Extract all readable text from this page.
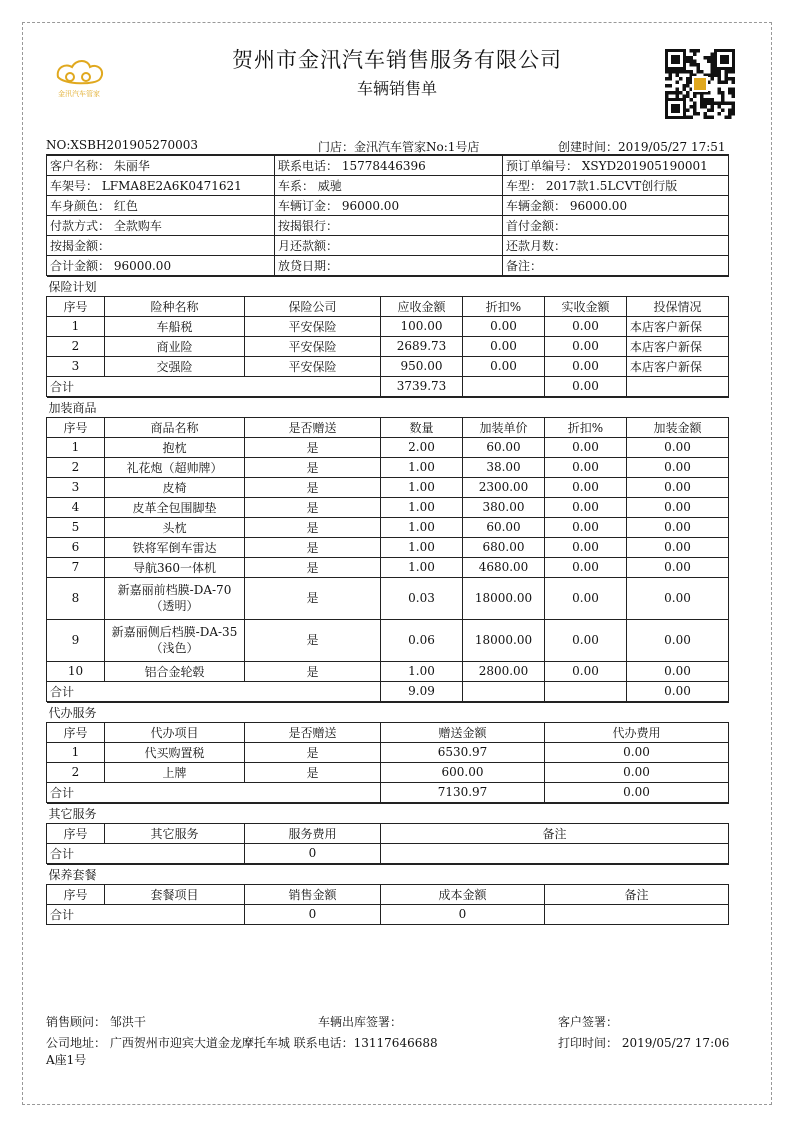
金汛汽车管家
贺州市金汛汽车销售服务有限公司
车辆销售单
NO:XSBH201905270003	门店：金汛汽车管家No:1号店	创建时间：2019/05/27 17:51
客户名称： 朱丽华	联系电话： 15778446396	预订单编号： XSYD201905190001
车架号： LFMA8E2A6K0471621	车系： 威驰	车型： 2017款1.5LCVT创行版
车身颜色： 红色	车辆订金： 96000.00	车辆金额： 96000.00
付款方式： 全款购车	按揭银行：	首付金额：
按揭金额：	月还款额：	还款月数：
合计金额： 96000.00	放贷日期：	备注：
保险计划						
序号	险种名称	保险公司	应收金额	折扣%	实收金额	投保情况
1	车船税	平安保险	100.00	0.00	0.00	本店客户新保
2	商业险	平安保险	2689.73	0.00	0.00	本店客户新保
3	交强险	平安保险	950.00	0.00	0.00	本店客户新保
合计			3739.73		0.00	
加装商品						
序号	商品名称	是否赠送	数量	加装单价	折扣%	加装金额
1	抱枕	是	2.00	60.00	0.00	0.00
2	礼花炮（超帅牌）	是	1.00	38.00	0.00	0.00
3	皮椅	是	1.00	2300.00	0.00	0.00
4	皮革全包围脚垫	是	1.00	380.00	0.00	0.00
5	头枕	是	1.00	60.00	0.00	0.00
6	铁将军倒车雷达	是	1.00	680.00	0.00	0.00
7	导航360一体机	是	1.00	4680.00	0.00	0.00
8	新嘉丽前档膜-DA-70（透明）	是	0.03	18000.00	0.00	0.00
9	新嘉丽侧后档膜-DA-35（浅色）	是	0.06	18000.00	0.00	0.00
10	铝合金轮毂	是	1.00	2800.00	0.00	0.00
合计			9.09			0.00
代办服务				
序号	代办项目	是否赠送	赠送金额	代办费用
1	代买购置税	是	6530.97	0.00
2	上牌	是	600.00	0.00
合计			7130.97	0.00
其它服务			
序号	其它服务	服务费用	备注
合计		0	
保养套餐				
序号	套餐项目	销售金额	成本金额	备注
合计		0	0	
销售顾问： 邹洪干	车辆出库签署：	客户签署：
公司地址： 广西贺州市迎宾大道金龙摩托车城 联系电话：13117646688
A座1号
打印时间： 2019/05/27 17:06
